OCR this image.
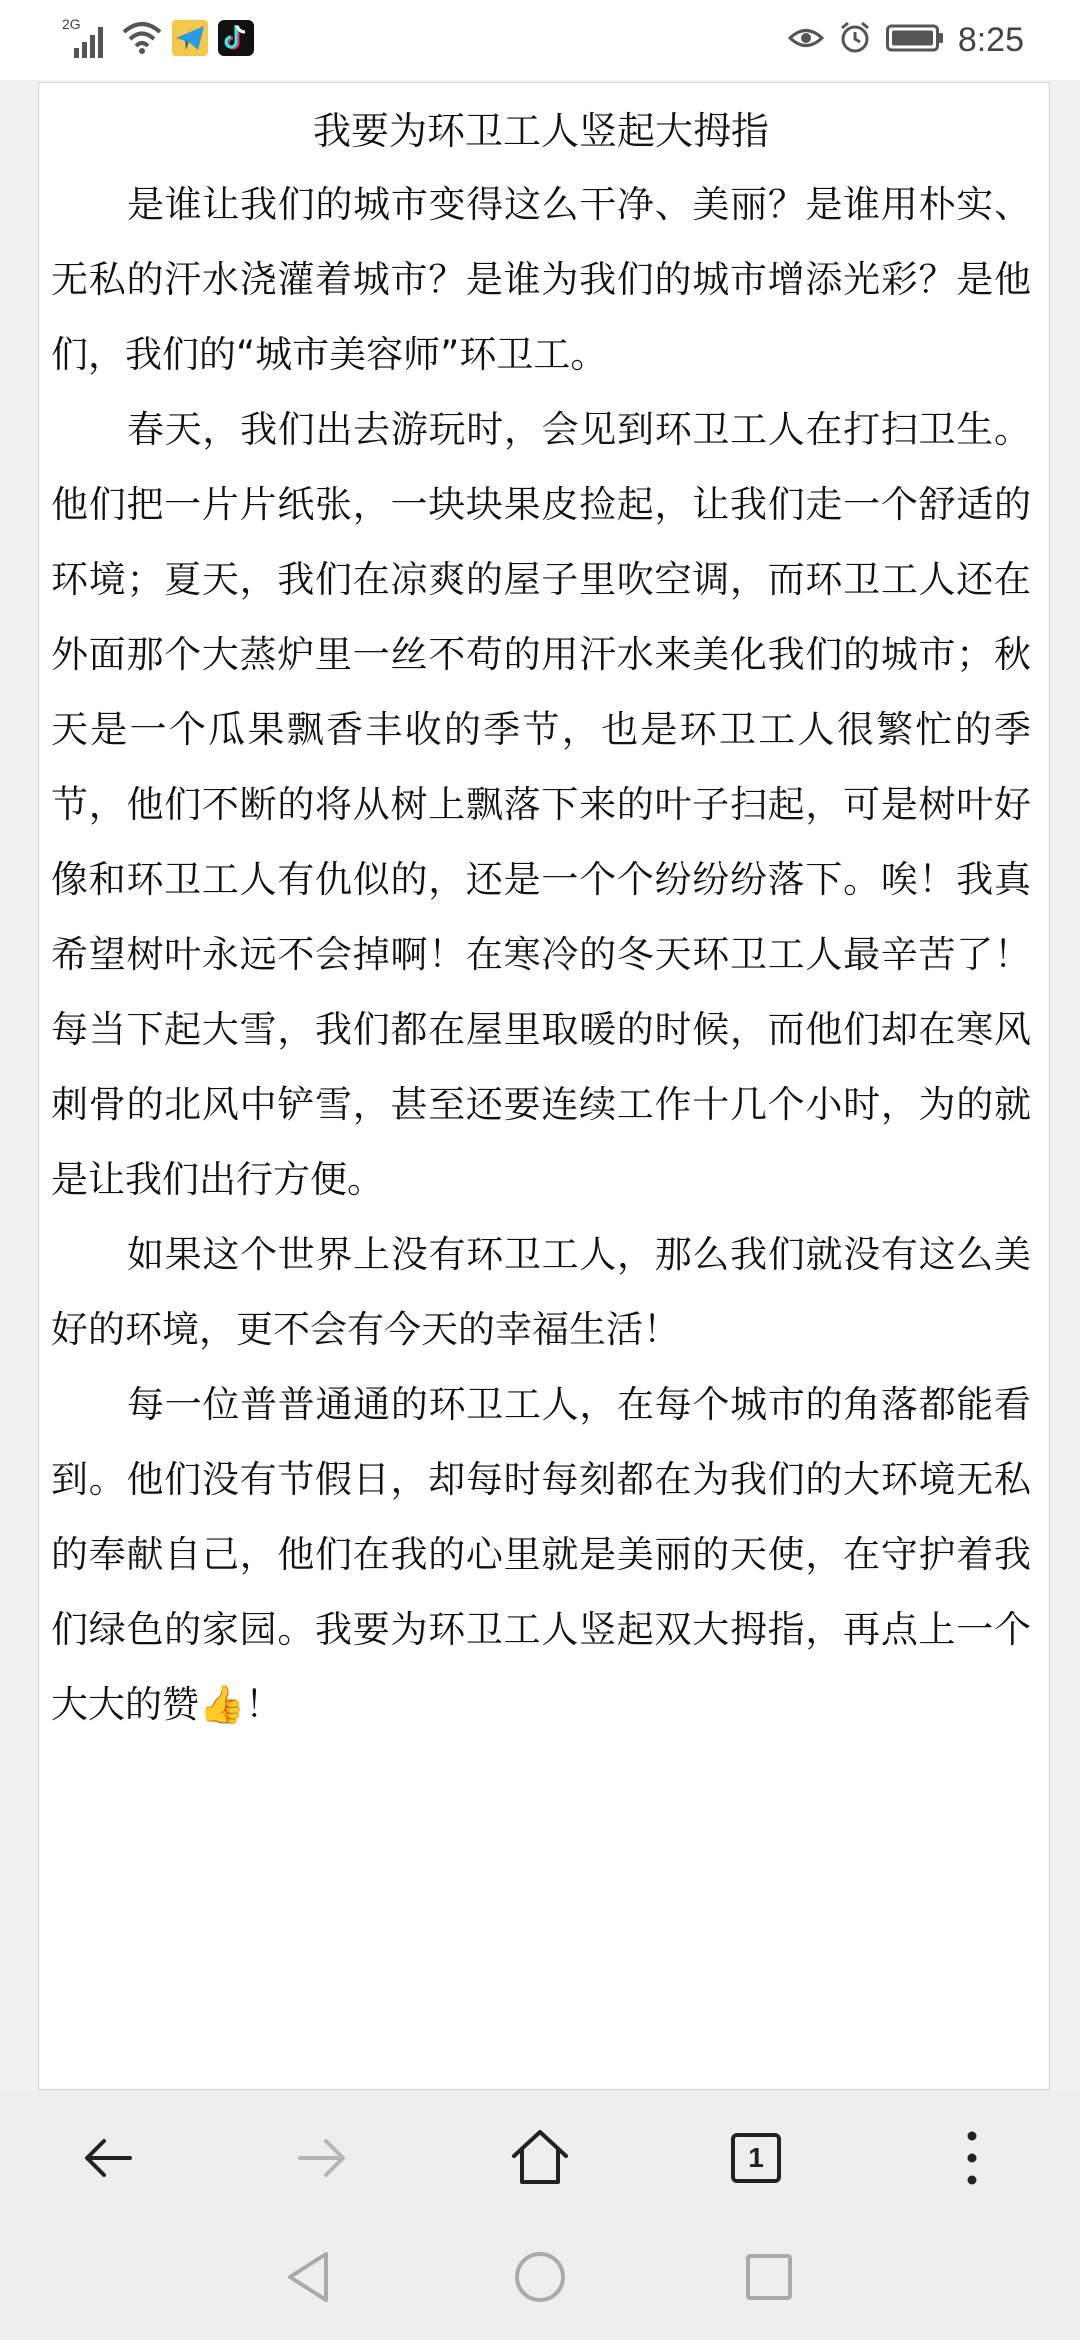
2G	8:25
我要为环卫工人竖起大拇指

是谁让我们的城市变得这么干净、美丽？是谁用朴实、无私的汗水浇灌着城市？是谁为我们的城市增添光彩？是他们，我们的“城市美容师”环卫工。

春天，我们出去游玩时，会见到环卫工人在打扫卫生。他们把一片片纸张，一块块果皮捡起，让我们走一个舒适的环境；夏天，我们在凉爽的屋子里吹空调，而环卫工人还在外面那个大蒸炉里一丝不苟的用汗水来美化我们的城市；秋天是一个瓜果飘香丰收的季节，也是环卫工人很繁忙的季节，他们不断的将从树上飘落下来的叶子扫起，可是树叶好像和环卫工人有仇似的，还是一个个纷纷纷落下。唉！我真希望树叶永远不会掉啊！在寒冷的冬天环卫工人最辛苦了！每当下起大雪，我们都在屋里取暖的时候，而他们却在寒风刺骨的北风中铲雪，甚至还要连续工作十几个小时，为的就是让我们出行方便。

如果这个世界上没有环卫工人，那么我们就没有这么美好的环境，更不会有今天的幸福生活！

每一位普普通通的环卫工人，在每个城市的角落都能看到。他们没有节假日，却每时每刻都在为我们的大环境无私的奉献自己，他们在我的心里就是美丽的天使，在守护着我们绿色的家园。我要为环卫工人竖起双大拇指，再点上一个大大的赞👍！

1
